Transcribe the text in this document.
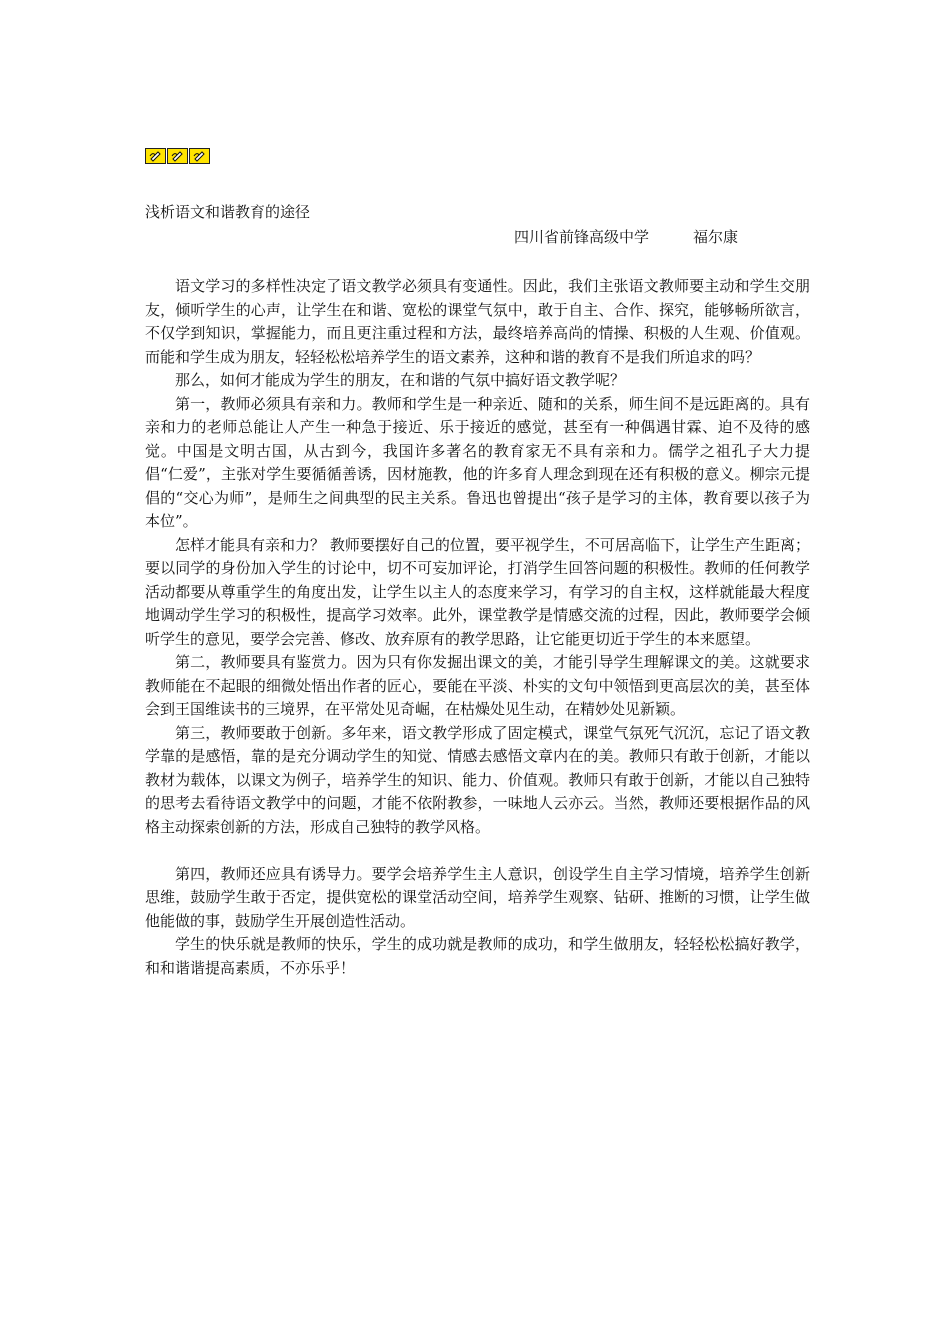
浅析语文和谐教育的途径
四川省前锋高级中学	福尔康

语文学习的多样性决定了语文教学必须具有变通性。因此，我们主张语文教师要主动和学生交朋友，倾听学生的心声，让学生在和谐、宽松的课堂气氛中，敢于自主、合作、探究，能够畅所欲言，不仅学到知识，掌握能力，而且更注重过程和方法，最终培养高尚的情操、积极的人生观、价值观。而能和学生成为朋友，轻轻松松培养学生的语文素养，这种和谐的教育不是我们所追求的吗？

那么，如何才能成为学生的朋友，在和谐的气氛中搞好语文教学呢？

第一，教师必须具有亲和力。教师和学生是一种亲近、随和的关系，师生间不是远距离的。具有亲和力的老师总能让人产生一种急于接近、乐于接近的感觉，甚至有一种偶遇甘霖、迫不及待的感觉。中国是文明古国，从古到今，我国许多著名的教育家无不具有亲和力。儒学之祖孔子大力提倡“仁爱”，主张对学生要循循善诱，因材施教，他的许多育人理念到现在还有积极的意义。柳宗元提倡的“交心为师”，是师生之间典型的民主关系。鲁迅也曾提出“孩子是学习的主体，教育要以孩子为本位”。

怎样才能具有亲和力？ 教师要摆好自己的位置，要平视学生，不可居高临下，让学生产生距离；要以同学的身份加入学生的讨论中，切不可妄加评论，打消学生回答问题的积极性。教师的任何教学活动都要从尊重学生的角度出发，让学生以主人的态度来学习，有学习的自主权，这样就能最大程度地调动学生学习的积极性，提高学习效率。此外，课堂教学是情感交流的过程，因此，教师要学会倾听学生的意见，要学会完善、修改、放弃原有的教学思路，让它能更切近于学生的本来愿望。

第二，教师要具有鉴赏力。因为只有你发掘出课文的美，才能引导学生理解课文的美。这就要求教师能在不起眼的细微处悟出作者的匠心，要能在平淡、朴实的文句中领悟到更高层次的美，甚至体会到王国维读书的三境界，在平常处见奇崛，在枯燥处见生动，在精妙处见新颖。

第三，教师要敢于创新。多年来，语文教学形成了固定模式，课堂气氛死气沉沉，忘记了语文教学靠的是感悟，靠的是充分调动学生的知觉、情感去感悟文章内在的美。教师只有敢于创新，才能以教材为载体，以课文为例子，培养学生的知识、能力、价值观。教师只有敢于创新，才能以自己独特的思考去看待语文教学中的问题，才能不依附教参，一味地人云亦云。当然，教师还要根据作品的风格主动探索创新的方法，形成自己独特的教学风格。

第四，教师还应具有诱导力。要学会培养学生主人意识，创设学生自主学习情境，培养学生创新思维，鼓励学生敢于否定，提供宽松的课堂活动空间，培养学生观察、钻研、推断的习惯，让学生做他能做的事，鼓励学生开展创造性活动。

学生的快乐就是教师的快乐，学生的成功就是教师的成功，和学生做朋友，轻轻松松搞好教学，和和谐谐提高素质，不亦乐乎！
